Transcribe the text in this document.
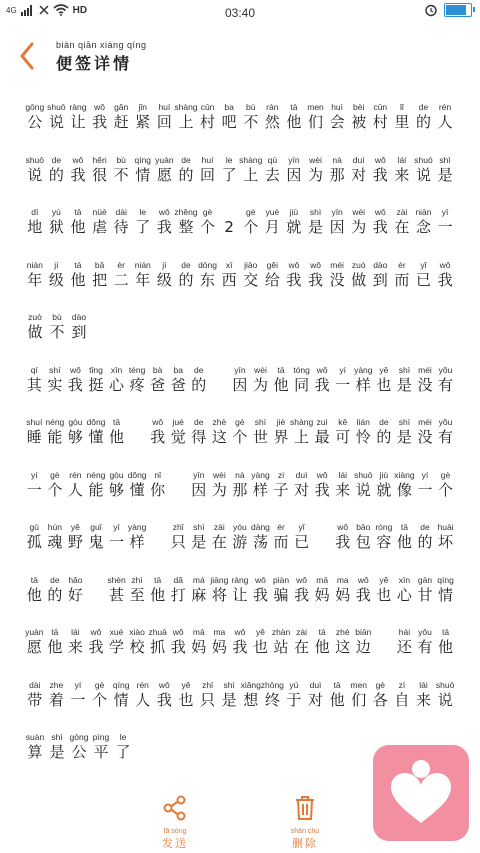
4G	HD	03:40
biàn qiān xiáng qíng
便签详情
gōng
公
shuō
说
ràng
让
wǒ
我
gǎn
赶
jǐn
紧
huí
回
shàng
上
cūn
村
ba
吧
bù
不
rán
然
tā
他
men
们
huì
会
bèi
被
cūn
村
lǐ
里
de
的
rén
人
shuō
说
de
的
wǒ
我
hěn
很
bù
不
qíng
情
yuàn
愿
de
的
huí
回
le
了
shàng
上
qù
去
yīn
因
wèi
为
nà
那
duì
对
wǒ
我
lái
来
shuō
说
shì
是
dì
地
yù
狱
tā
他
nüè
虐
dài
待
le
了
wǒ
我
zhěng
整
gè
个 2
gè
个
yuè
月
jiù
就
shì
是
yīn
因
wèi
为
wǒ
我
zài
在
niàn
念
yī
一
nián
年
jí
级
tā
他
bǎ
把
èr
二
nián
年
jí
级
de
的
dōng
东
xī
西
jiāo
交
gěi
给
wǒ
我
wǒ
我
méi
没
zuò
做
dào
到
ér
而
yǐ
已
wǒ
我
zuò
做
bù
不
dào
到
qí
其
shí
实
wǒ
我
tǐng
挺
xīn
心
téng
疼
bà
爸
ba
爸
de
的
yīn
因
wèi
为
tā
他
tóng
同
wǒ
我
yí
一
yàng
样
yě
也
shì
是
méi
没
yǒu
有
shuí
睡
néng
能
gòu
够
dǒng
懂
tā
他
wǒ
我
jué
觉
de
得
zhè
这
gè
个
shì
世
jiè
界
shàng
上
zuì
最
kě
可
lián
怜
de
的
shì
是
méi
没
yǒu
有
yí
一
gè
个
rén
人
néng
能
gòu
够
dǒng
懂
nǐ
你
yīn
因
wèi
为
nà
那
yàng
样
zi
子
duì
对
wǒ
我
lái
来
shuō
说
jiù
就
xiàng
像
yí
一
gè
个
gū
孤
hún
魂
yě
野
guǐ
鬼
yí
一
yàng
样
zhǐ
只
shì
是
zài
在
yóu
游
dàng
荡
ér
而
yǐ
已
wǒ
我
bāo
包
róng
容
tā
他
de
的
huài
坏
tā
他
de
的
hǎo
好
shèn
甚
zhì
至
tā
他
dǎ
打
má
麻
jiāng
将
ràng
让
wǒ
我
piàn
骗
wǒ
我
mā
妈
ma
妈
wǒ
我
yě
也
xīn
心
gān
甘
qíng
情
yuàn
愿
tā
他
lái
来
wǒ
我
xué
学
xiào
校
zhuā
抓
wǒ
我
mā
妈
ma
妈
wǒ
我
yě
也
zhàn
站
zài
在
tā
他
zhè
这
biān
边
hái
还
yǒu
有
tā
他
dài
带
zhe
着
yí
一
gè
个
qíng
情
rén
人
wǒ
我
yě
也
zhǐ
只
shì
是
xiǎng
想
zhōng
终
yú
于
duì
对
tā
他
men
们
gè
各
zì
自
lái
来
shuō
说
suàn
算
shì
是
gōng
公
píng
平
le
了
fā sòng
发送
shān chú
删除
